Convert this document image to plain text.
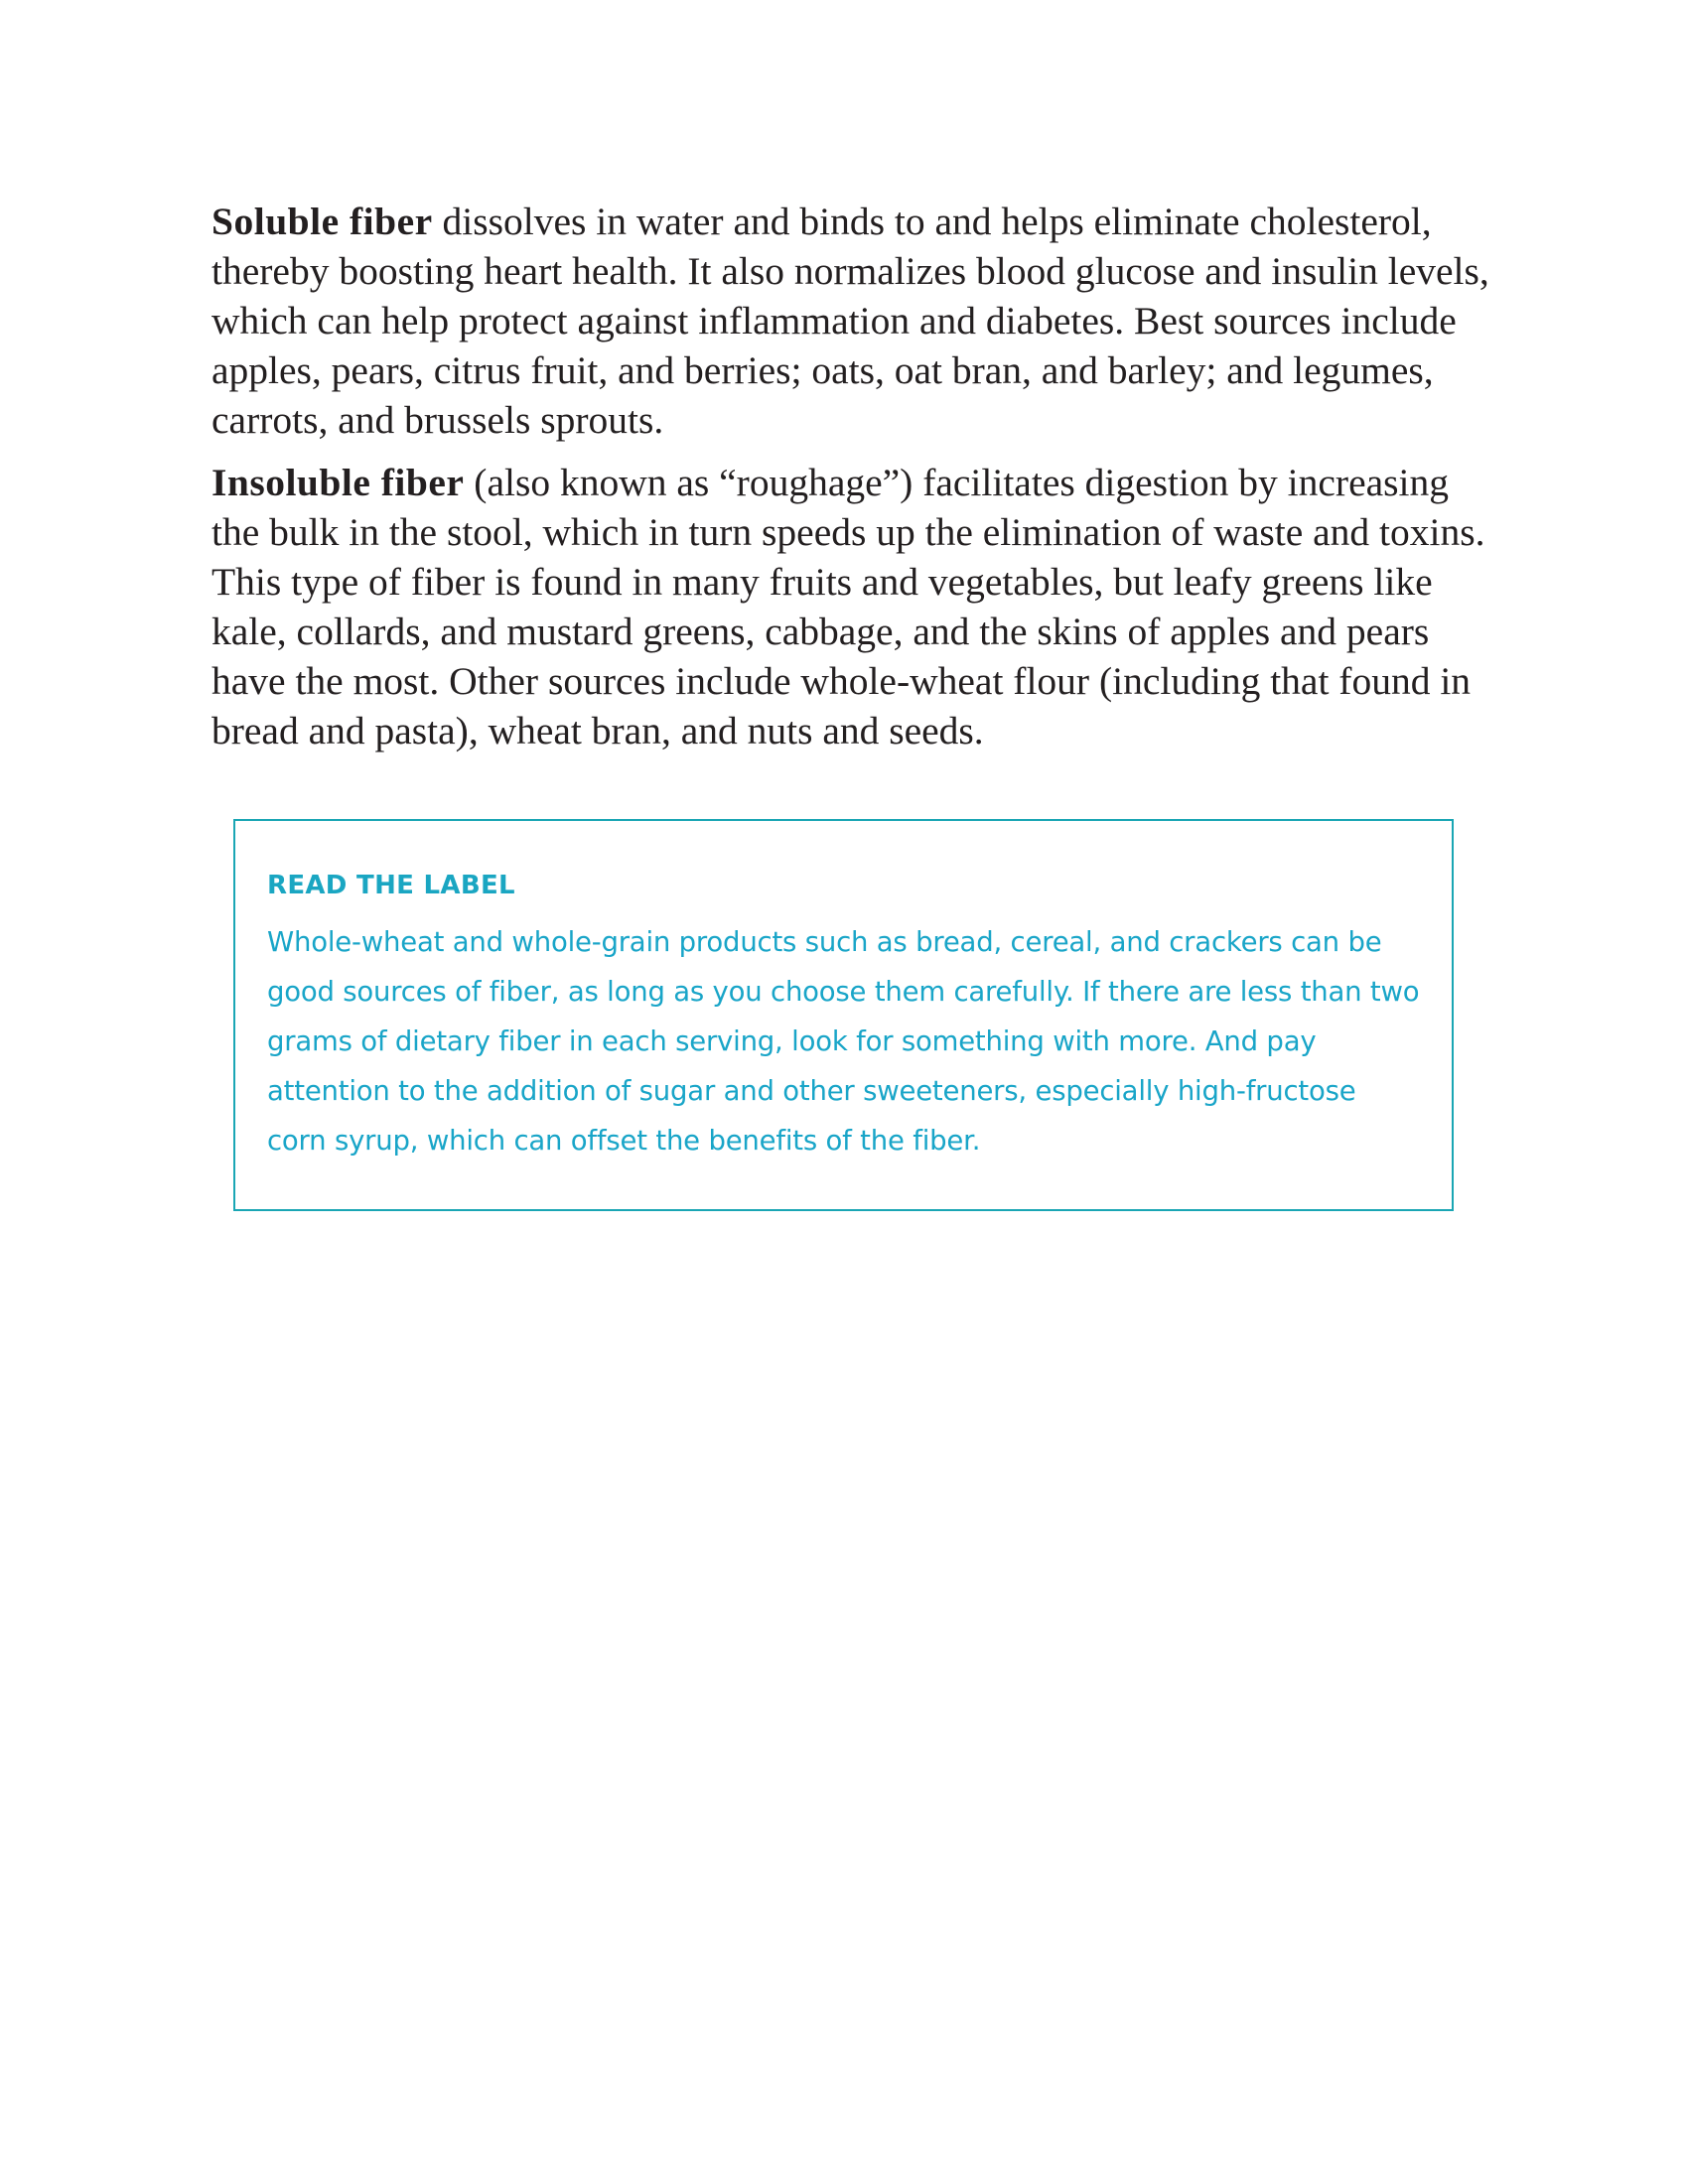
Soluble fiber dissolves in water and binds to and helps eliminate cholesterol, thereby boosting heart health. It also normalizes blood glucose and insulin levels, which can help protect against inflammation and diabetes. Best sources include apples, pears, citrus fruit, and berries; oats, oat bran, and barley; and legumes, carrots, and brussels sprouts.

Insoluble fiber (also known as “roughage”) facilitates digestion by increasing the bulk in the stool, which in turn speeds up the elimination of waste and toxins. This type of fiber is found in many fruits and vegetables, but leafy greens like kale, collards, and mustard greens, cabbage, and the skins of apples and pears have the most. Other sources include whole-wheat flour (including that found in bread and pasta), wheat bran, and nuts and seeds.

READ THE LABEL

Whole-wheat and whole-grain products such as bread, cereal, and crackers can be good sources of fiber, as long as you choose them carefully. If there are less than two grams of dietary fiber in each serving, look for something with more. And pay attention to the addition of sugar and other sweeteners, especially high-fructose corn syrup, which can offset the benefits of the fiber.
